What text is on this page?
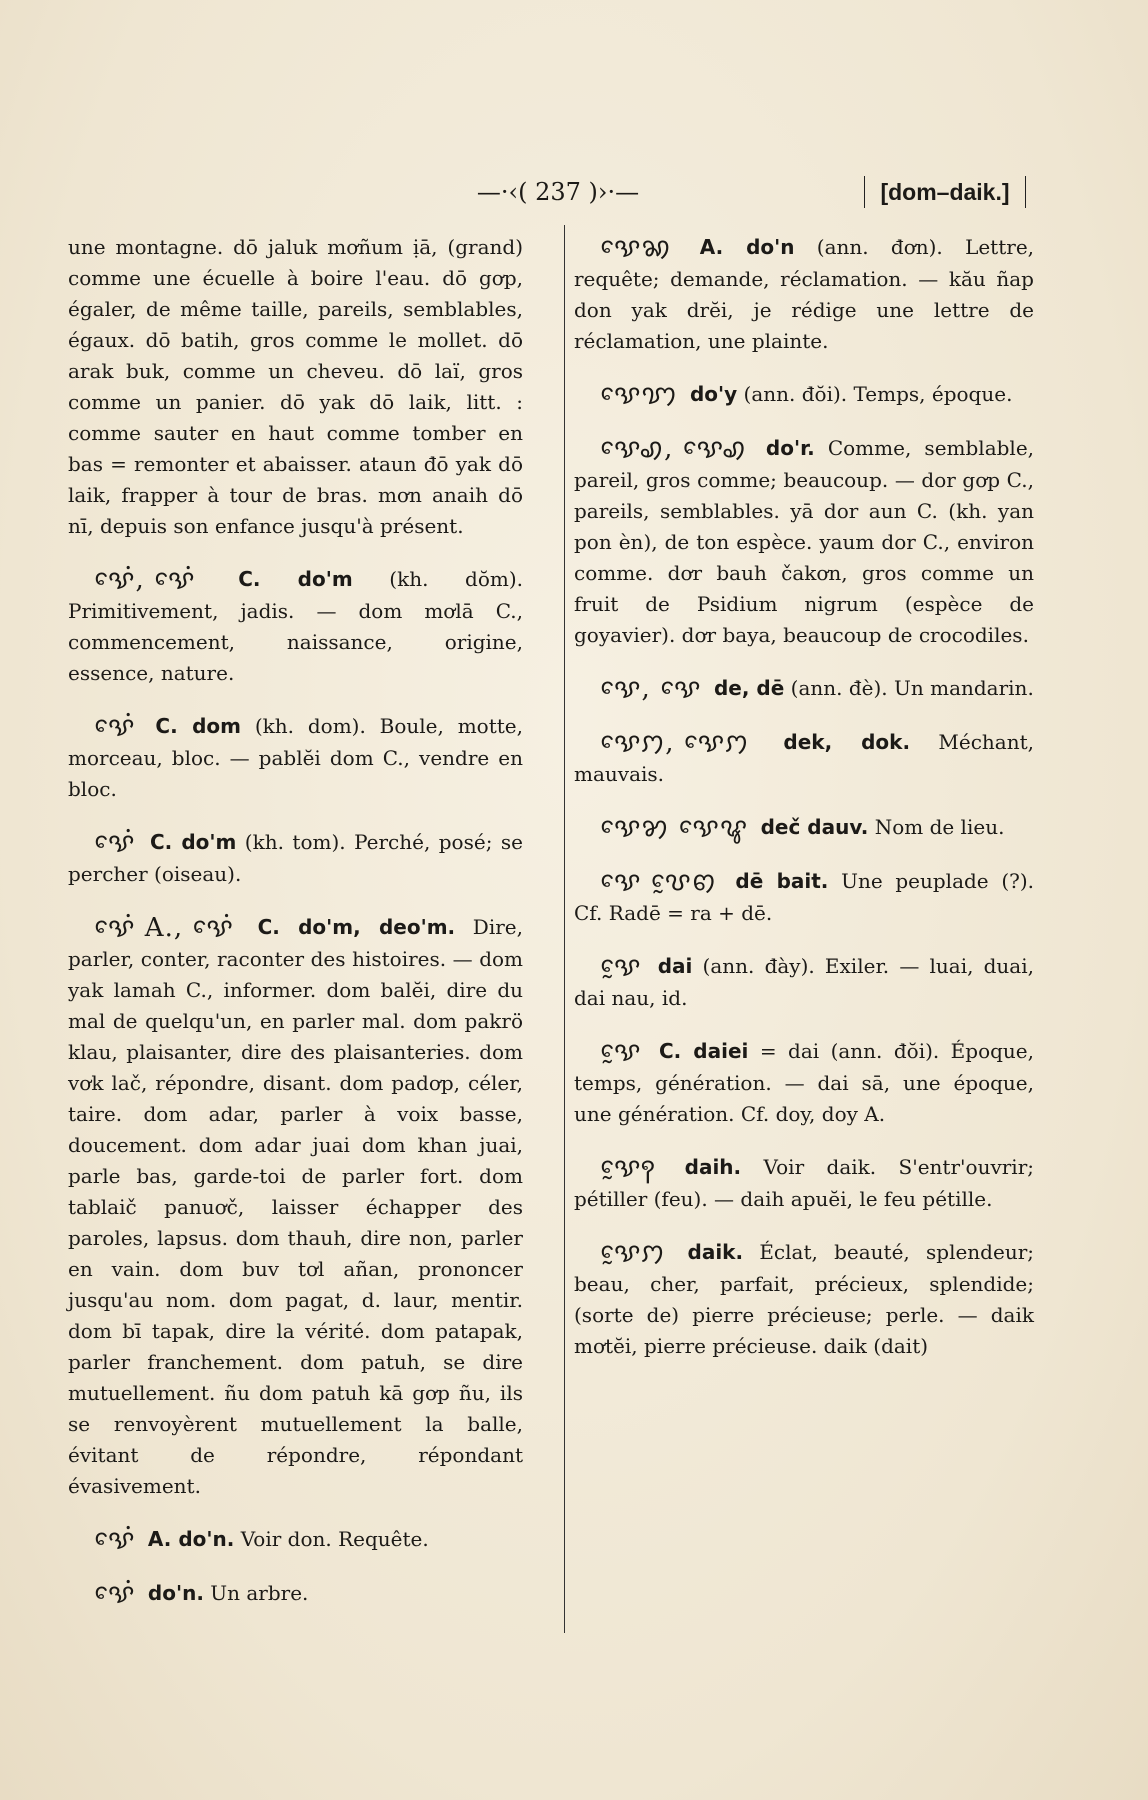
—·‹( 237 )›·—	[dom–daik.]
une montagne. dō jaluk mơñum ịā, (grand) comme une écuelle à boire l'eau. dō gơp, égaler, de même taille, pareils, semblables, égaux. dō batih, gros comme le mollet. dō arak buk, comme un cheveu. dō laï, gros comme un panier. dō yak dō laik, litt. : comme sauter en haut comme tomber en bas = remonter et abaisser. ataun đō yak dō laik, frapper à tour de bras. mơn anaih dō nī, depuis son enfance jusqu'à présent.
ꨕꨯꩌ, ꨕꨯꩌ C. do'm (kh. dŏm). Primitivement, jadis. — dom mơlā C., commencement, naissance, origine, essence, nature.
ꨕꨯꩌ C. dom (kh. dom). Boule, motte, morceau, bloc. — pablĕi dom C., vendre en bloc.
ꨕꨯꩌ C. do'm (kh. tom). Perché, posé; se percher (oiseau).
ꨕꨯꩌ A., ꨕꨯꩌ C. do'm, deo'm. Dire, parler, conter, raconter des histoires. — dom yak lamah C., informer. dom balĕi, dire du mal de quelqu'un, en parler mal. dom pakrö klau, plaisanter, dire des plaisanteries. dom vơk lač, répondre, disant. dom padơp, céler, taire. dom adar, parler à voix basse, doucement. dom adar juai dom khan juai, parle bas, garde-toi de parler fort. dom tablaič panuơč, laisser échapper des paroles, lapsus. dom thauh, dire non, parler en vain. dom buv tơl añan, prononcer jusqu'au nom. dom pagat, d. laur, mentir. dom bī tapak, dire la vérité. dom patapak, parler franchement. dom patuh, se dire mutuellement. ñu dom patuh kā gơp ñu, ils se renvoyèrent mutuellement la balle, évitant de répondre, répondant évasivement.
ꨕꨯꩌ A. do'n. Voir don. Requête.
ꨕꨯꩌ do'n. Un arbre.
ꨕꨯꩆ A. do'n (ann. đơn). Lettre, requête; demande, réclamation. — kău ñap don yak drĕi, je rédige une lettre de réclamation, une plainte.
ꨕꨯꩈ do'y (ann. đŏi). Temps, époque.
ꨕꨯꩉ, ꨕꨯꩉ do'r. Comme, semblable, pareil, gros comme; beaucoup. — dor gơp C., pareils, semblables. yā dor aun C. (kh. yan pon èn), de ton espèce. yaum dor C., environ comme. dơr bauh čakơn, gros comme un fruit de Psidium nigrum (espèce de goyavier). dơr baya, beaucoup de crocodiles.
ꨕꨯ, ꨕꨯ de, dē (ann. đè). Un mandarin.
ꨕꨯꩀ, ꨕꨯꩀ dek, dok. Méchant, mauvais.
ꨕꨯꩄ ꨕꨯꨥ deč dauv. Nom de lieu.
ꨕꨯ ꨝꨰꩅ dē bait. Une peuplade (?). Cf. Radē = ra + dē.
ꨕꨰ dai (ann. đày). Exiler. — luai, duai, dai nau, id.
ꨕꨰ C. daiei = dai (ann. đŏi). Époque, temps, génération. — dai sā, une époque, une génération. Cf. doy, doy A.
ꨕꨰꩍ daih. Voir daik. S'entr'ouvrir; pétiller (feu). — daih apuĕi, le feu pétille.
ꨕꨰꩀ daik. Éclat, beauté, splendeur; beau, cher, parfait, précieux, splendide; (sorte de) pierre précieuse; perle. — daik mơtĕi, pierre précieuse. daik (dait)
